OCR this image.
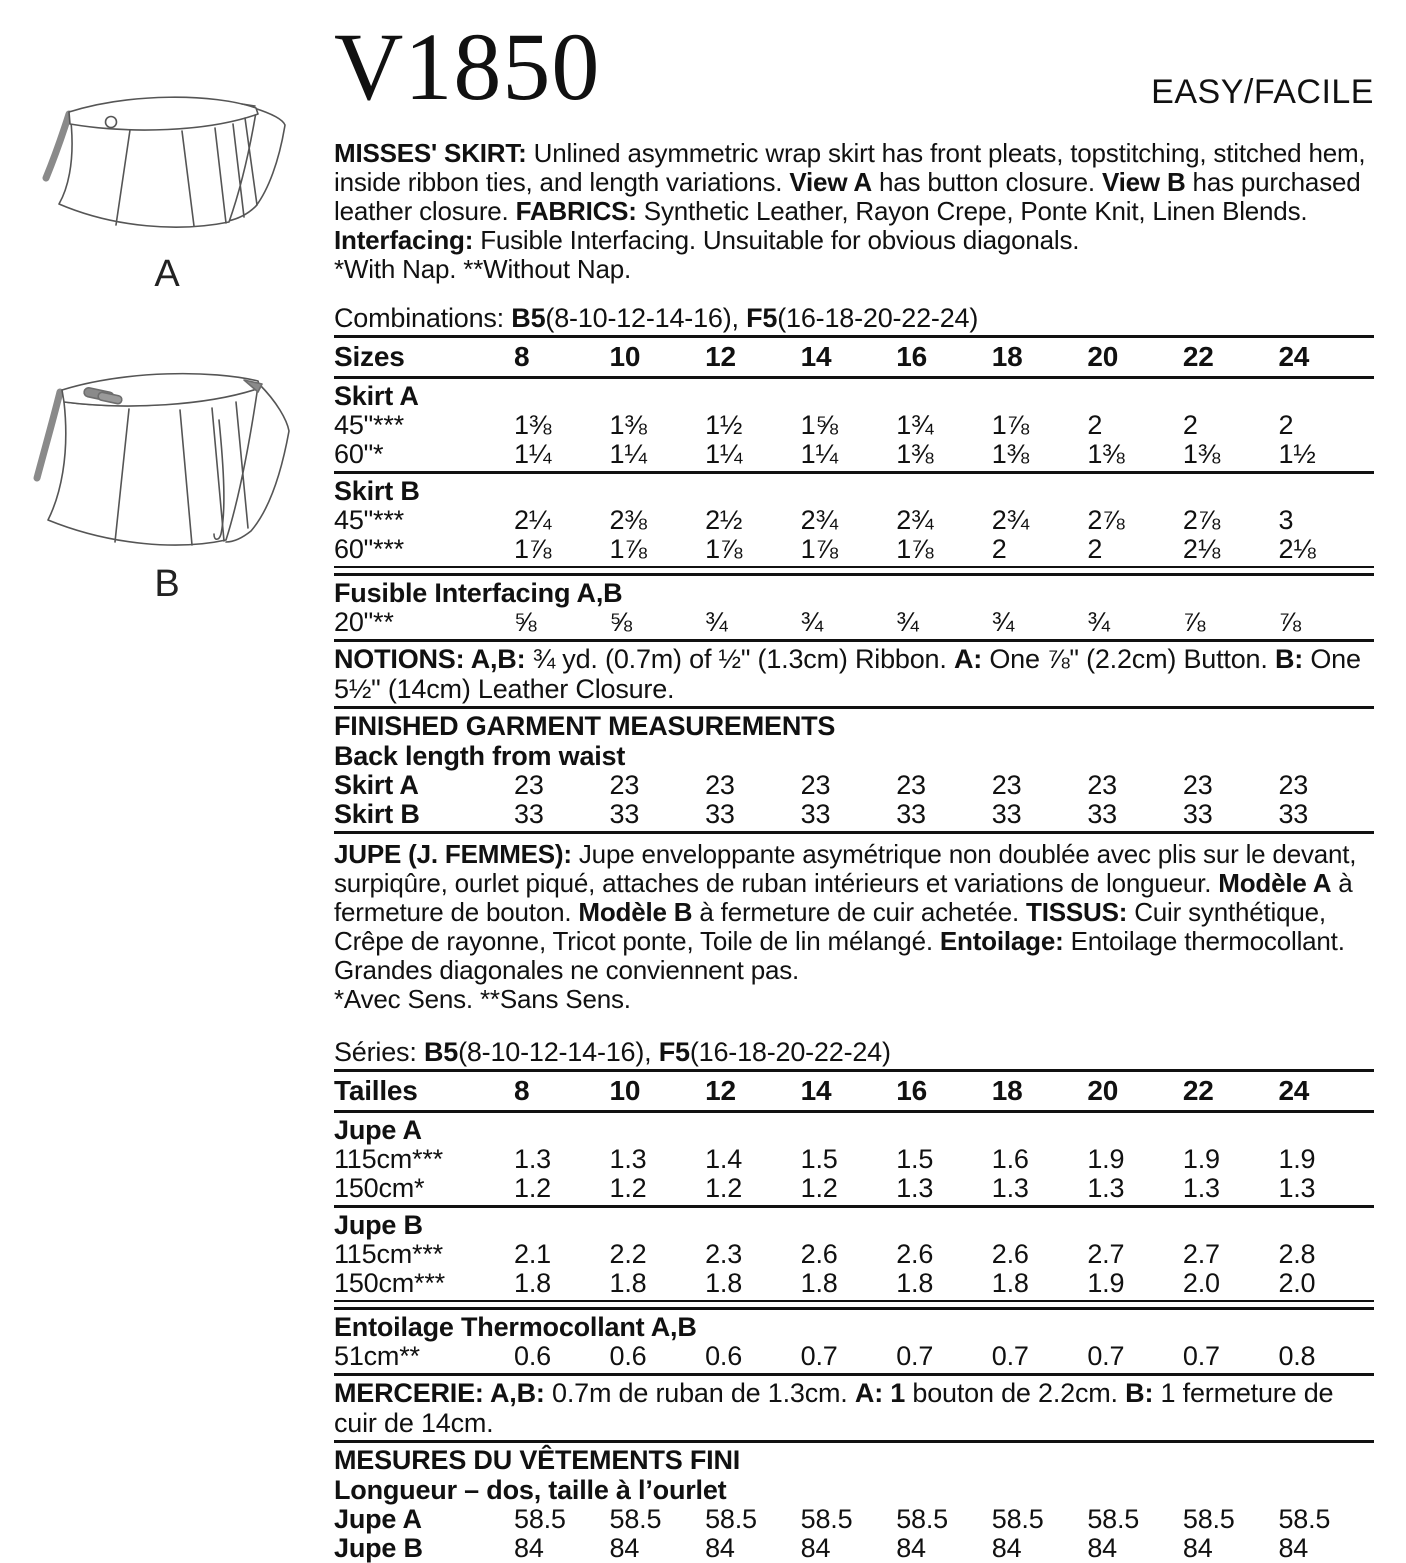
A
B
V1850	EASY/FACILE

MISSES' SKIRT: Unlined asymmetric wrap skirt has front pleats, topstitching, stitched hem, inside ribbon ties, and length variations. View A has button closure. View B has purchased leather closure. FABRICS: Synthetic Leather, Rayon Crepe, Ponte Knit, Linen Blends. Interfacing: Fusible Interfacing. Unsuitable for obvious diagonals.
*With Nap. **Without Nap.

Combinations: B5(8-10-12-14-16), F5(16-18-20-22-24)

Sizes	8	10	12	14	16	18	20	22	24
Skirt A
45"***	1⅜	1⅜	1½	1⅝	1¾	1⅞	2	2	2
60"*	1¼	1¼	1¼	1¼	1⅜	1⅜	1⅜	1⅜	1½
Skirt B
45"***	2¼	2⅜	2½	2¾	2¾	2¾	2⅞	2⅞	3
60"***	1⅞	1⅞	1⅞	1⅞	1⅞	2	2	2⅛	2⅛
Fusible Interfacing A,B
20"**	⅝	⅝	¾	¾	¾	¾	¾	⅞	⅞
NOTIONS: A,B: ¾ yd. (0.7m) of ½" (1.3cm) Ribbon. A: One ⅞" (2.2cm) Button. B: One 5½" (14cm) Leather Closure.
FINISHED GARMENT MEASUREMENTS
Back length from waist
Skirt A	23	23	23	23	23	23	23	23	23
Skirt B	33	33	33	33	33	33	33	33	33

JUPE (J. FEMMES): Jupe enveloppante asymétrique non doublée avec plis sur le devant, surpiqûre, ourlet piqué, attaches de ruban intérieurs et variations de longueur. Modèle A à fermeture de bouton. Modèle B à fermeture de cuir achetée. TISSUS: Cuir synthétique, Crêpe de rayonne, Tricot ponte, Toile de lin mélangé. Entoilage: Entoilage thermocollant. Grandes diagonales ne conviennent pas.
*Avec Sens. **Sans Sens.

Séries: B5(8-10-12-14-16), F5(16-18-20-22-24)

Tailles	8	10	12	14	16	18	20	22	24
Jupe A
115cm***	1.3	1.3	1.4	1.5	1.5	1.6	1.9	1.9	1.9
150cm*	1.2	1.2	1.2	1.2	1.3	1.3	1.3	1.3	1.3
Jupe B
115cm***	2.1	2.2	2.3	2.6	2.6	2.6	2.7	2.7	2.8
150cm***	1.8	1.8	1.8	1.8	1.8	1.8	1.9	2.0	2.0
Entoilage Thermocollant A,B
51cm**	0.6	0.6	0.6	0.7	0.7	0.7	0.7	0.7	0.8
MERCERIE: A,B: 0.7m de ruban de 1.3cm. A: 1 bouton de 2.2cm. B: 1 fermeture de cuir de 14cm.
MESURES DU VÊTEMENTS FINI
Longueur – dos, taille à l’ourlet
Jupe A	58.5	58.5	58.5	58.5	58.5	58.5	58.5	58.5	58.5
Jupe B	84	84	84	84	84	84	84	84	84
